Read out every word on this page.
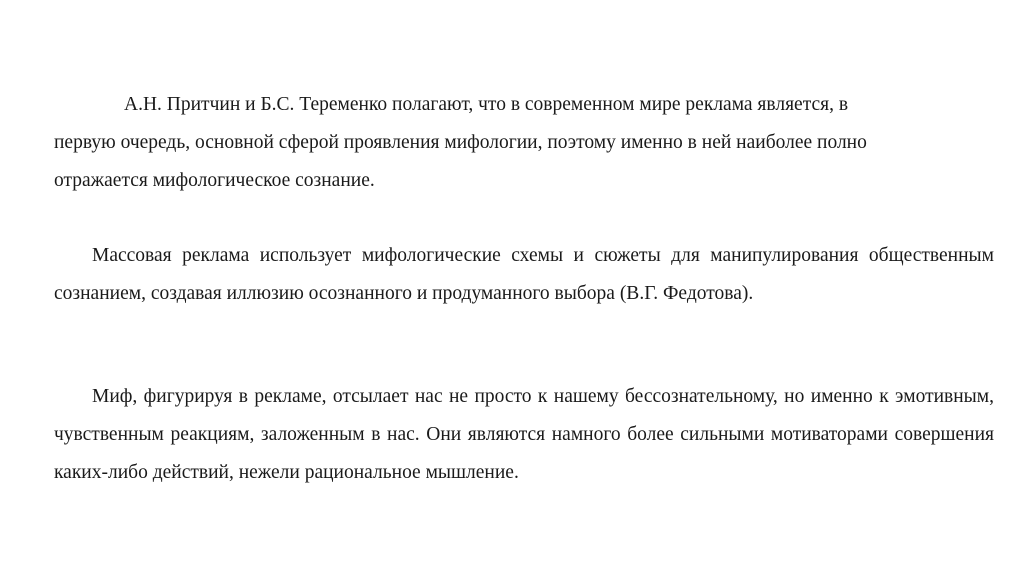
А.Н. Притчин и Б.С. Теременко полагают, что в современном мире реклама является, в
первую очередь, основной сферой проявления мифологии, поэтому именно в ней наиболее полно
отражается мифологическое сознание.

Массовая реклама использует мифологические схемы и сюжеты для манипулирования общественным сознанием, создавая иллюзию осознанного и продуманного выбора (В.Г. Федотова).

Миф, фигурируя в рекламе, отсылает нас не просто к нашему бессознательному, но именно к эмотивным, чувственным реакциям, заложенным в нас. Они являются намного более сильными мотиваторами совершения каких-либо действий, нежели рациональное мышление.
